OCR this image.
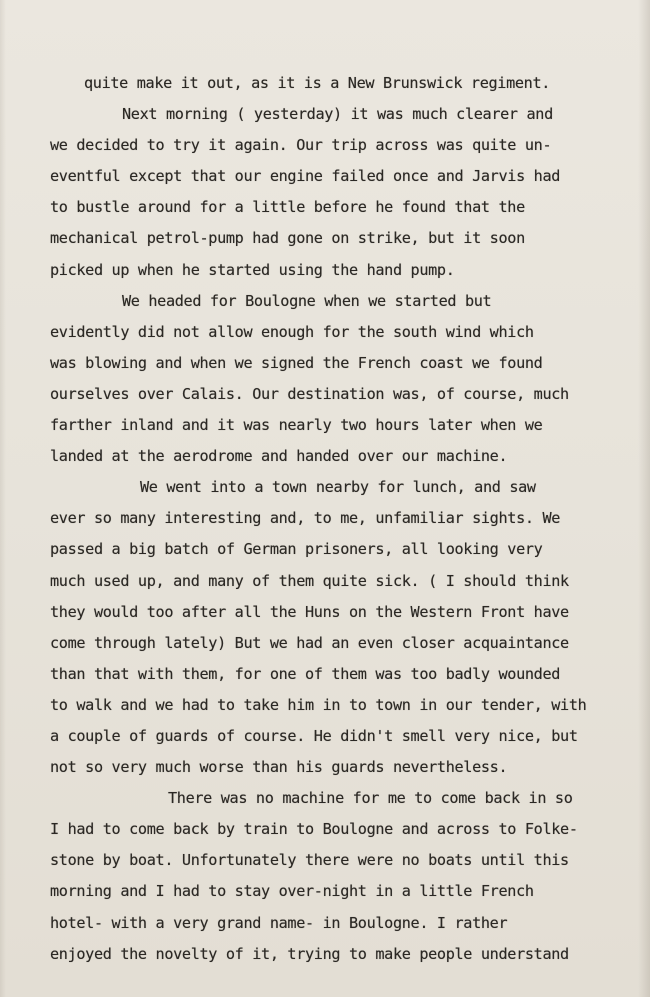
quite make it out, as it is a New Brunswick regiment.
Next morning ( yesterday) it was much clearer and
we decided to try it again. Our trip across was quite un-
eventful except that our engine failed once and Jarvis had
to bustle around for a little before he found that the
mechanical petrol-pump had gone on strike, but it soon
picked up when he started using the hand pump.
We headed for Boulogne when we started but
evidently did not allow enough for the south wind which
was blowing and when we signed the French coast we found
ourselves over Calais. Our destination was, of course, much
farther inland and it was nearly two hours later when we
landed at the aerodrome and handed over our machine.
We went into a town nearby for lunch, and saw
ever so many interesting and, to me, unfamiliar sights. We
passed a big batch of German prisoners, all looking very
much used up, and many of them quite sick. ( I should think
they would too after all the Huns on the Western Front have
come through lately) But we had an even closer acquaintance
than that with them, for one of them was too badly wounded
to walk and we had to take him in to town in our tender, with
a couple of guards of course. He didn't smell very nice, but
not so very much worse than his guards nevertheless.
There was no machine for me to come back in so
I had to come back by train to Boulogne and across to Folke-
stone by boat. Unfortunately there were no boats until this
morning and I had to stay over-night in a little French
hotel- with a very grand name- in Boulogne. I rather
enjoyed the novelty of it, trying to make people understand
